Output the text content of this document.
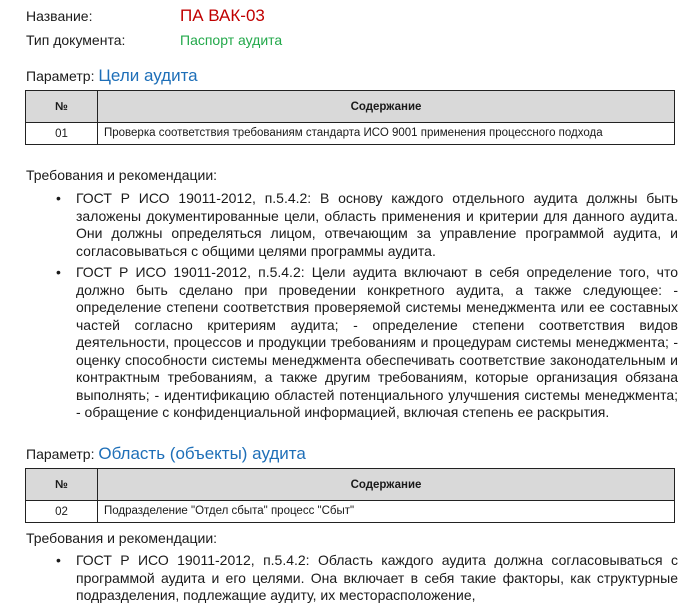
Название:	ПА ВАК-03
Тип документа:	Паспорт аудита
Параметр: Цели аудита
№	Содержание
01	Проверка соответствия требованиям стандарта ИСО 9001 применения процессного подхода
Требования и рекомендации:
• ГОСТ Р ИСО 19011-2012, п.5.4.2: В основу каждого отдельного аудита должны быть заложены документированные цели, область применения и критерии для данного аудита. Они должны определяться лицом, отвечающим за управление программой аудита, и согласовываться с общими целями программы аудита.
• ГОСТ Р ИСО 19011-2012, п.5.4.2: Цели аудита включают в себя определение того, что должно быть сделано при проведении конкретного аудита, а также следующее: - определение степени соответствия проверяемой системы менеджмента или ее составных частей согласно критериям аудита; - определение степени соответствия видов деятельности, процессов и продукции требованиям и процедурам системы менеджмента; - оценку способности системы менеджмента обеспечивать соответствие законодательным и контрактным требованиям, а также другим требованиям, которые организация обязана выполнять; - идентификацию областей потенциального улучшения системы менеджмента; - обращение с конфиденциальной информацией, включая степень ее раскрытия.
Параметр: Область (объекты) аудита
№	Содержание
02	Подразделение "Отдел сбыта" процесс "Сбыт"
Требования и рекомендации:
• ГОСТ Р ИСО 19011-2012, п.5.4.2: Область каждого аудита должна согласовываться с программой аудита и его целями. Она включает в себя такие факторы, как структурные подразделения, подлежащие аудиту, их месторасположение,
